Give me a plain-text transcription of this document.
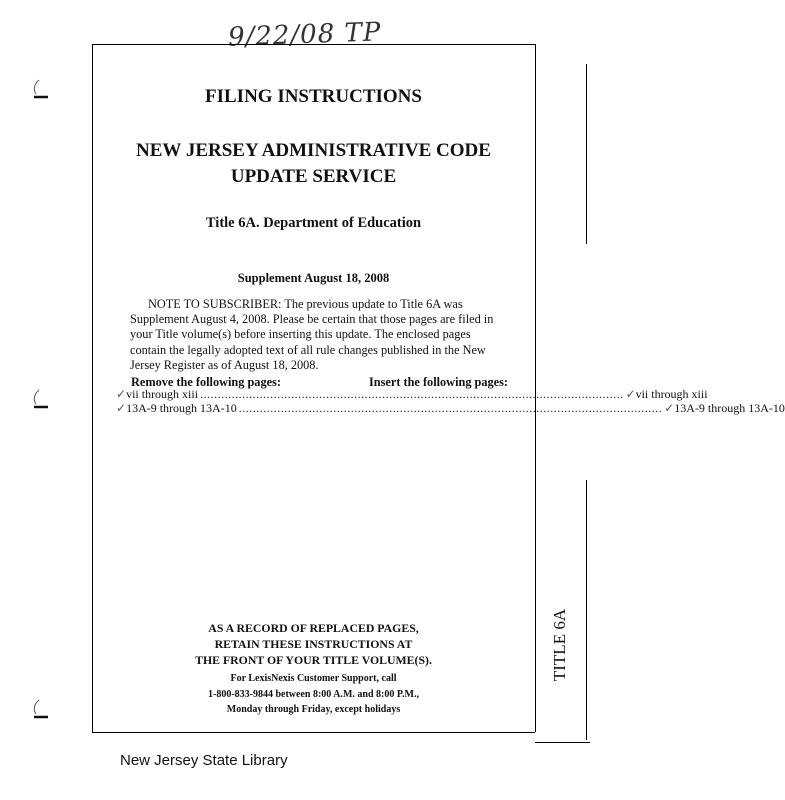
9/22/08 TP
FILING INSTRUCTIONS
NEW JERSEY ADMINISTRATIVE CODE
UPDATE SERVICE
Title 6A. Department of Education
Supplement August 18, 2008
NOTE TO SUBSCRIBER: The previous update to Title 6A was
Supplement August 4, 2008. Please be certain that those pages are filed in
your Title volume(s) before inserting this update. The enclosed pages
contain the legally adopted text of all rule changes published in the New
Jersey Register as of August 18, 2008.
Remove the following pages:	Insert the following pages:
✓ vii through xiii ......................................................................................................................... ✓ vii through xiii
✓ 13A-9 through 13A-10 ......................................................................................................................... ✓ 13A-9 through 13A-10
AS A RECORD OF REPLACED PAGES,
RETAIN THESE INSTRUCTIONS AT
THE FRONT OF YOUR TITLE VOLUME(S).
For LexisNexis Customer Support, call
1-800-833-9844 between 8:00 A.M. and 8:00 P.M.,
Monday through Friday, except holidays
TITLE 6A
New Jersey State Library
